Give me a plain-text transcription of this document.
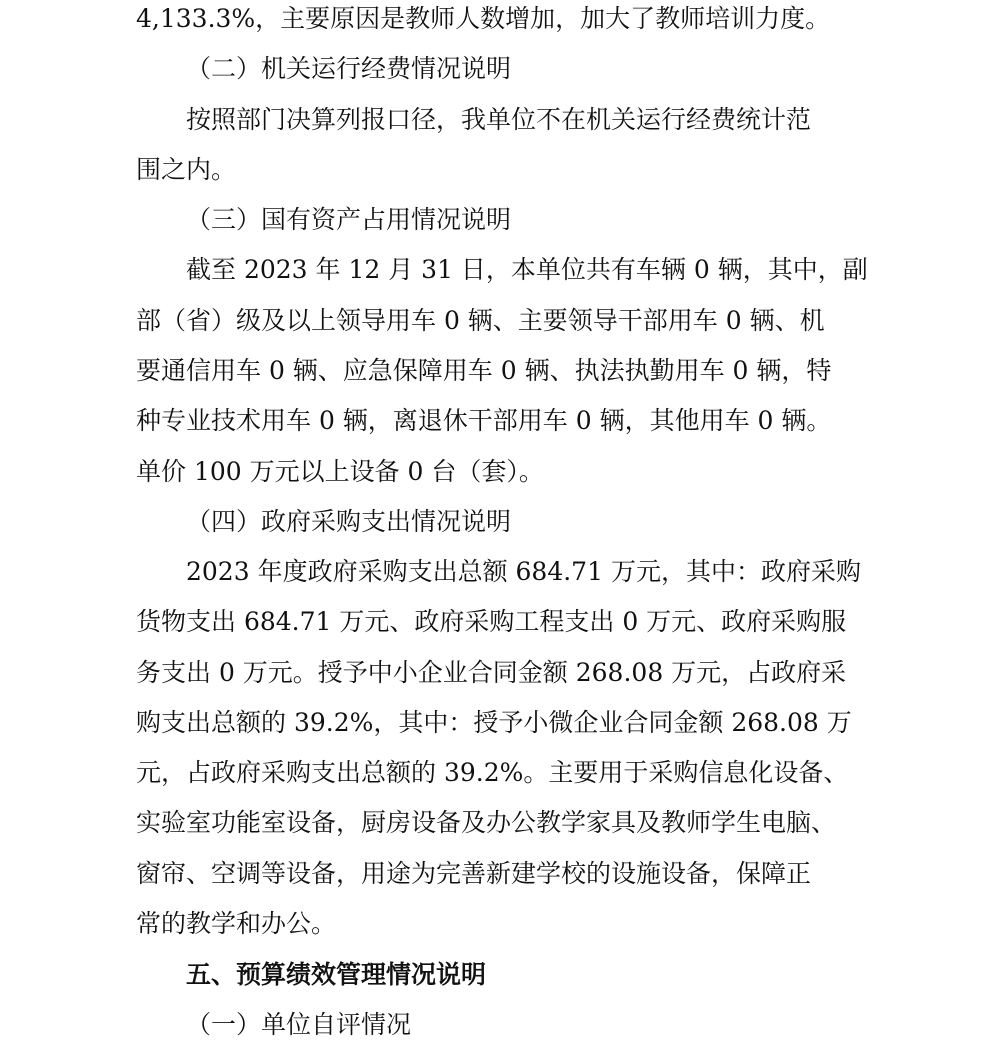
4,133.3%，主要原因是教师人数增加，加大了教师培训力度。
（二）机关运行经费情况说明
按照部门决算列报口径，我单位不在机关运行经费统计范
围之内。
（三）国有资产占用情况说明
截至 2023 年 12 月 31 日，本单位共有车辆 0 辆，其中，副
部（省）级及以上领导用车 0 辆、主要领导干部用车 0 辆、机
要通信用车 0 辆、应急保障用车 0 辆、执法执勤用车 0 辆，特
种专业技术用车 0 辆，离退休干部用车 0 辆，其他用车 0 辆。
单价 100 万元以上设备 0 台（套）。
（四）政府采购支出情况说明
2023 年度政府采购支出总额 684.71 万元，其中：政府采购
货物支出 684.71 万元、政府采购工程支出 0 万元、政府采购服
务支出 0 万元。授予中小企业合同金额 268.08 万元，占政府采
购支出总额的 39.2%，其中：授予小微企业合同金额 268.08 万
元，占政府采购支出总额的 39.2%。主要用于采购信息化设备、
实验室功能室设备，厨房设备及办公教学家具及教师学生电脑、
窗帘、空调等设备，用途为完善新建学校的设施设备，保障正
常的教学和办公。
五、预算绩效管理情况说明
（一）单位自评情况
